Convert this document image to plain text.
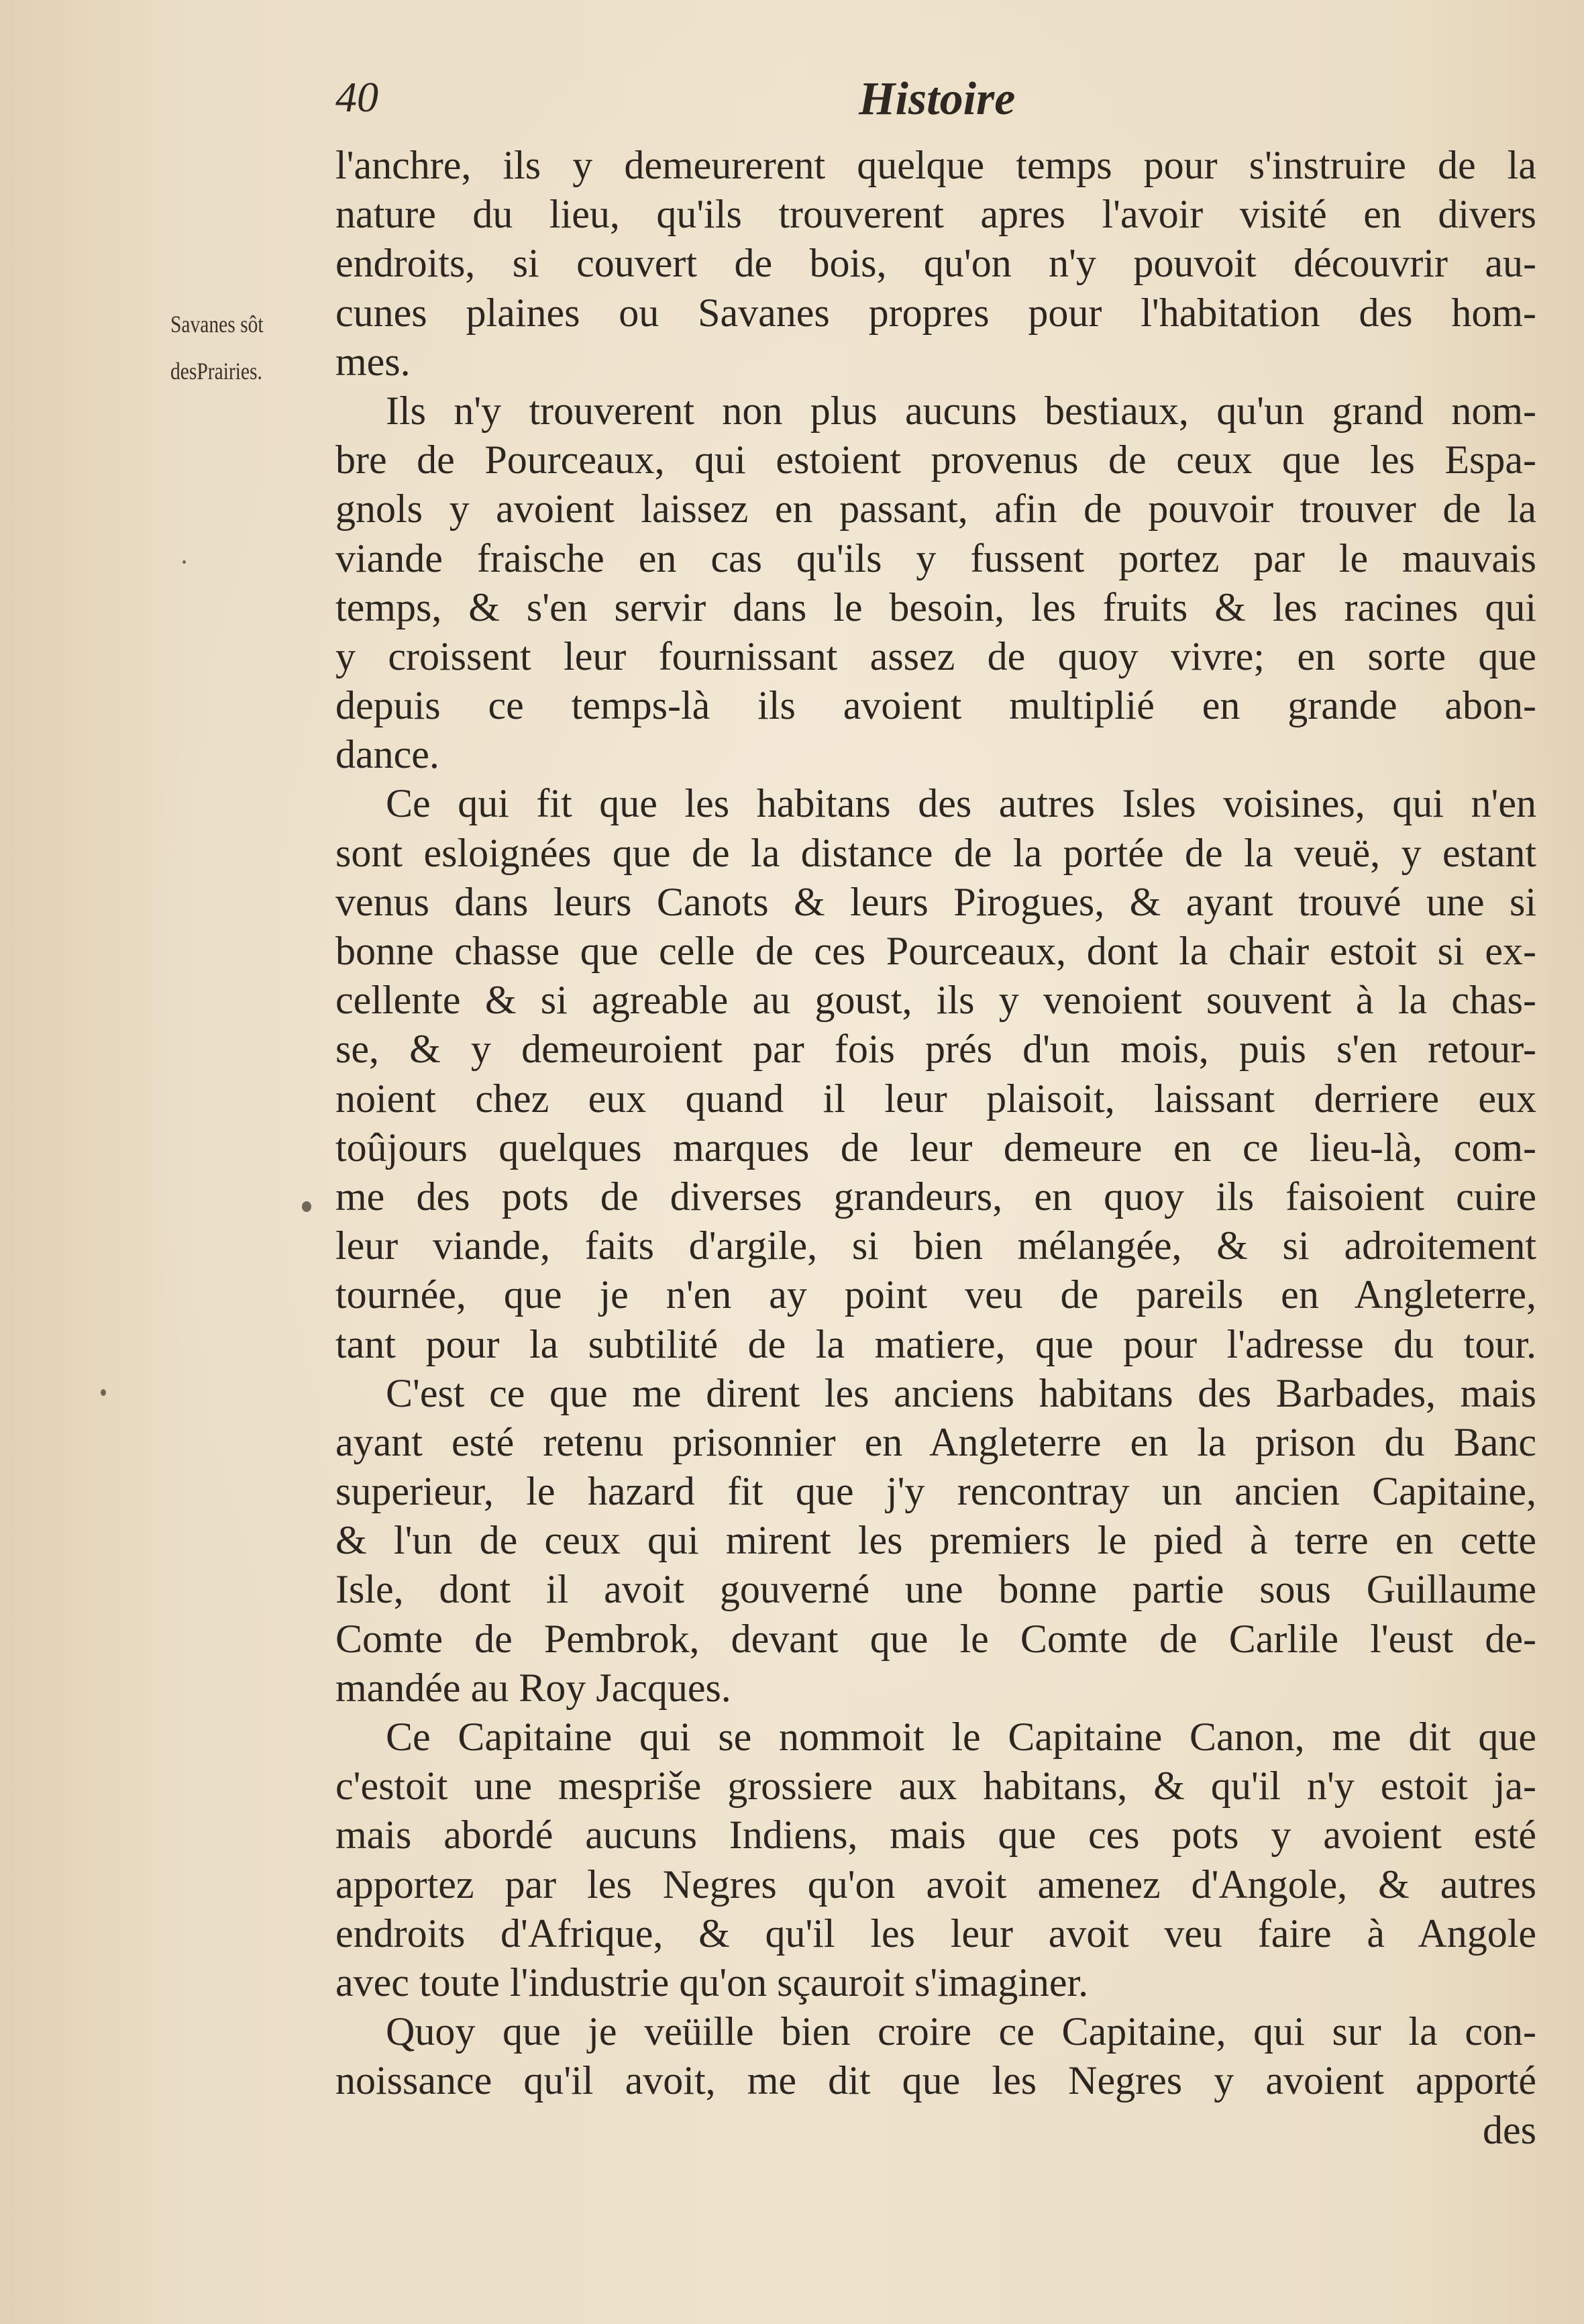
40	Histoire
Savanes sôt
desPrairies.
l'anchre, ils y demeurerent quelque temps pour s'instruire de la
nature du lieu, qu'ils trouverent apres l'avoir visité en divers
endroits, si couvert de bois, qu'on n'y pouvoit découvrir au-
cunes plaines ou Savanes propres pour l'habitation des hom-
mes.
Ils n'y trouverent non plus aucuns bestiaux, qu'un grand nom-
bre de Pourceaux, qui estoient provenus de ceux que les Espa-
gnols y avoient laissez en passant, afin de pouvoir trouver de la
viande fraische en cas qu'ils y fussent portez par le mauvais
temps, & s'en servir dans le besoin, les fruits & les racines qui
y croissent leur fournissant assez de quoy vivre; en sorte que
depuis ce temps-là ils avoient multiplié en grande abon-
dance.
Ce qui fit que les habitans des autres Isles voisines, qui n'en
sont esloignées que de la distance de la portée de la veuë, y estant
venus dans leurs Canots & leurs Pirogues, & ayant trouvé une si
bonne chasse que celle de ces Pourceaux, dont la chair estoit si ex-
cellente & si agreable au goust, ils y venoient souvent à la chas-
se, & y demeuroient par fois prés d'un mois, puis s'en retour-
noient chez eux quand il leur plaisoit, laissant derriere eux
toûjours quelques marques de leur demeure en ce lieu-là, com-
me des pots de diverses grandeurs, en quoy ils faisoient cuire
leur viande, faits d'argile, si bien mélangée, & si adroitement
tournée, que je n'en ay point veu de pareils en Angleterre,
tant pour la subtilité de la matiere, que pour l'adresse du tour.
C'est ce que me dirent les anciens habitans des Barbades, mais
ayant esté retenu prisonnier en Angleterre en la prison du Banc
superieur, le hazard fit que j'y rencontray un ancien Capitaine,
& l'un de ceux qui mirent les premiers le pied à terre en cette
Isle, dont il avoit gouverné une bonne partie sous Guillaume
Comte de Pembrok, devant que le Comte de Carlile l'eust de-
mandée au Roy Jacques.
Ce Capitaine qui se nommoit le Capitaine Canon, me dit que
c'estoit une mespriše grossiere aux habitans, & qu'il n'y estoit ja-
mais abordé aucuns Indiens, mais que ces pots y avoient esté
apportez par les Negres qu'on avoit amenez d'Angole, & autres
endroits d'Afrique, & qu'il les leur avoit veu faire à Angole
avec toute l'industrie qu'on sçauroit s'imaginer.
Quoy que je veüille bien croire ce Capitaine, qui sur la con-
noissance qu'il avoit, me dit que les Negres y avoient apporté
des
